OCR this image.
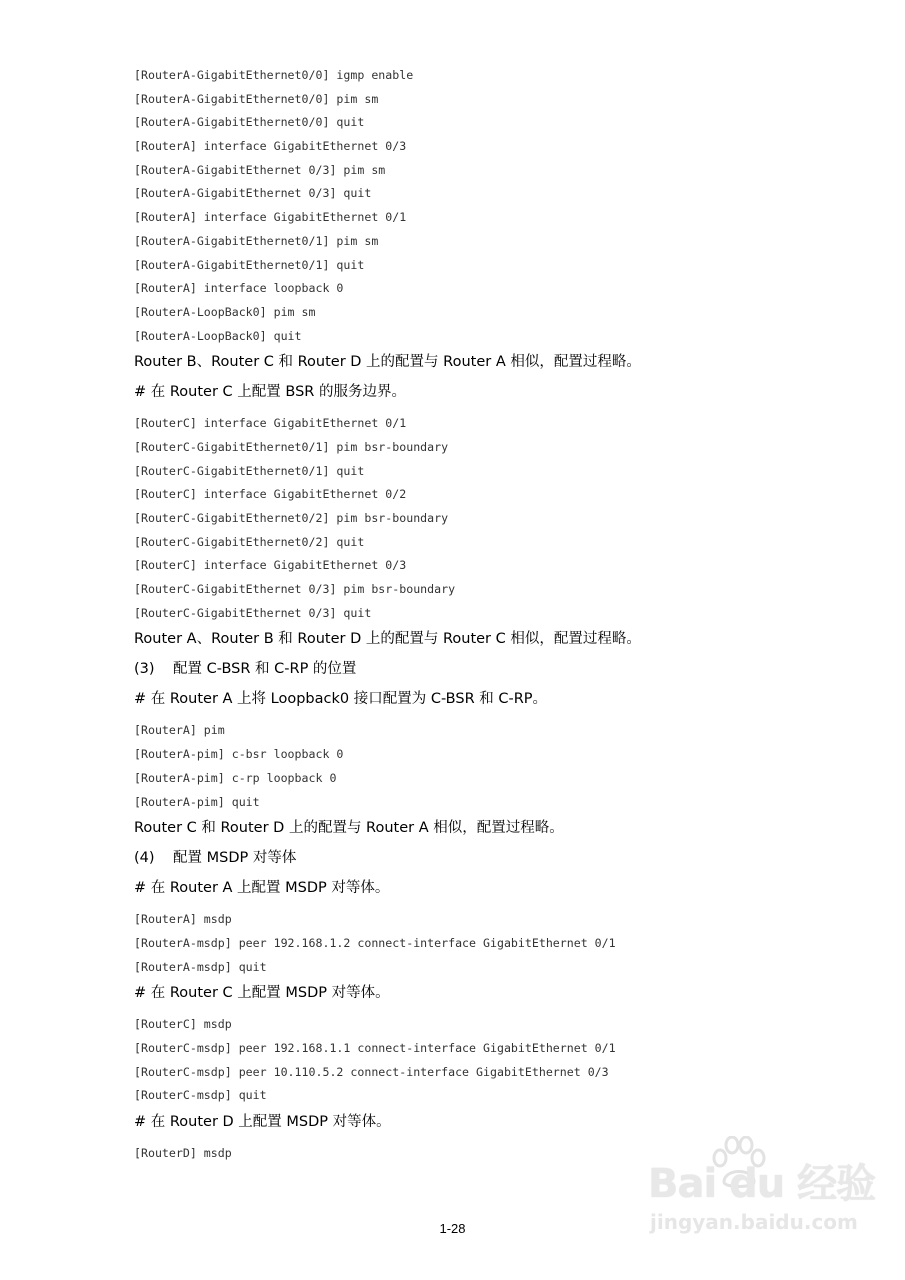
[RouterA-GigabitEthernet0/0] igmp enable
[RouterA-GigabitEthernet0/0] pim sm
[RouterA-GigabitEthernet0/0] quit
[RouterA] interface GigabitEthernet 0/3
[RouterA-GigabitEthernet 0/3] pim sm
[RouterA-GigabitEthernet 0/3] quit
[RouterA] interface GigabitEthernet 0/1
[RouterA-GigabitEthernet0/1] pim sm
[RouterA-GigabitEthernet0/1] quit
[RouterA] interface loopback 0
[RouterA-LoopBack0] pim sm
[RouterA-LoopBack0] quit
Router B、Router C 和 Router D 上的配置与 Router A 相似，配置过程略。
# 在 Router C 上配置 BSR 的服务边界。
[RouterC] interface GigabitEthernet 0/1
[RouterC-GigabitEthernet0/1] pim bsr-boundary
[RouterC-GigabitEthernet0/1] quit
[RouterC] interface GigabitEthernet 0/2
[RouterC-GigabitEthernet0/2] pim bsr-boundary
[RouterC-GigabitEthernet0/2] quit
[RouterC] interface GigabitEthernet 0/3
[RouterC-GigabitEthernet 0/3] pim bsr-boundary
[RouterC-GigabitEthernet 0/3] quit
Router A、Router B 和 Router D 上的配置与 Router C 相似，配置过程略。
(3) 配置 C-BSR 和 C-RP 的位置
# 在 Router A 上将 Loopback0 接口配置为 C-BSR 和 C-RP。
[RouterA] pim
[RouterA-pim] c-bsr loopback 0
[RouterA-pim] c-rp loopback 0
[RouterA-pim] quit
Router C 和 Router D 上的配置与 Router A 相似，配置过程略。
(4) 配置 MSDP 对等体
# 在 Router A 上配置 MSDP 对等体。
[RouterA] msdp
[RouterA-msdp] peer 192.168.1.2 connect-interface GigabitEthernet 0/1
[RouterA-msdp] quit
# 在 Router C 上配置 MSDP 对等体。
[RouterC] msdp
[RouterC-msdp] peer 192.168.1.1 connect-interface GigabitEthernet 0/1
[RouterC-msdp] peer 10.110.5.2 connect-interface GigabitEthernet 0/3
[RouterC-msdp] quit
# 在 Router D 上配置 MSDP 对等体。
[RouterD] msdp
1-28
Bai du 经验
jingyan.baidu.com
